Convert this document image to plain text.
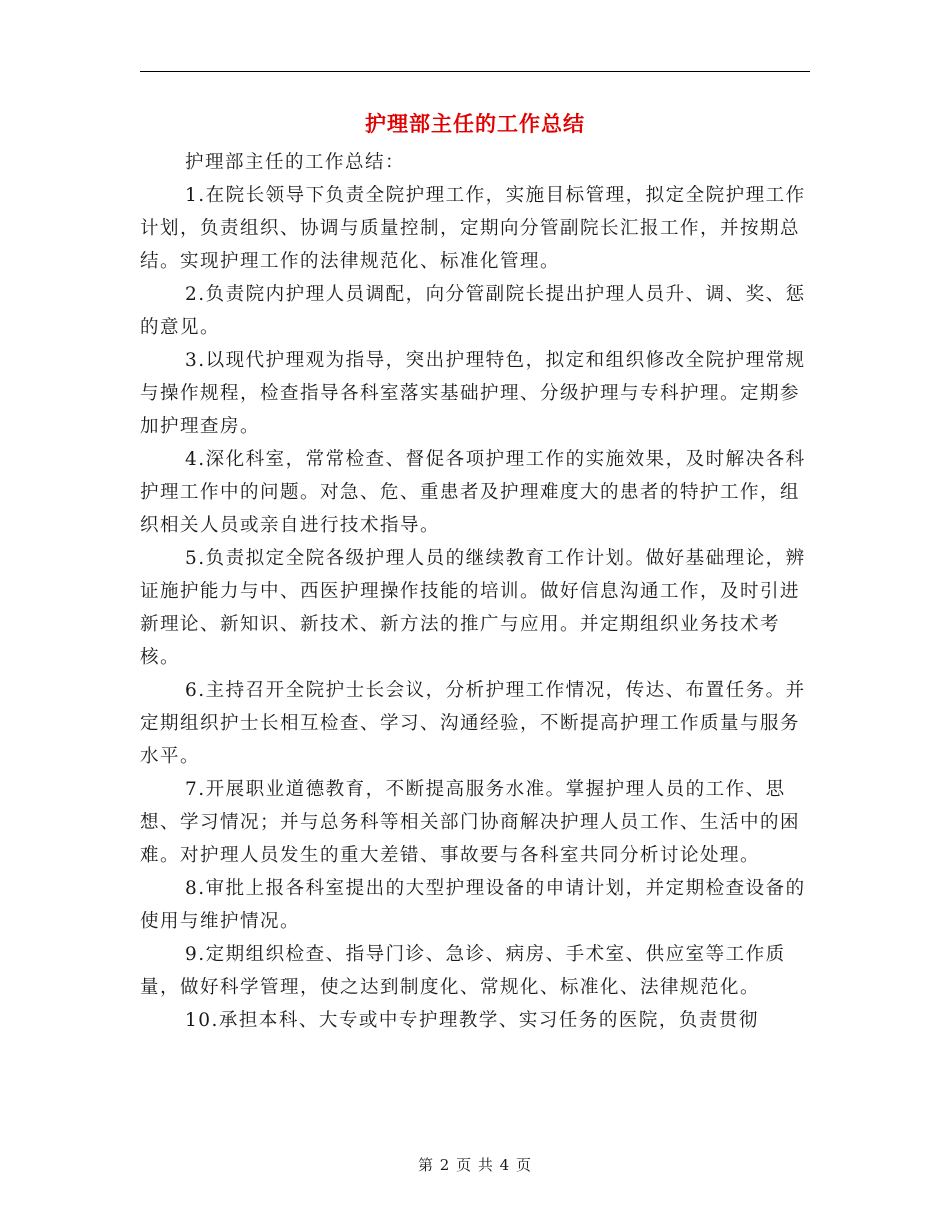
护理部主任的工作总结

护理部主任的工作总结：

1.在院长领导下负责全院护理工作，实施目标管理，拟定全院护理工作计划，负责组织、协调与质量控制，定期向分管副院长汇报工作，并按期总结。实现护理工作的法律规范化、标准化管理。

2.负责院内护理人员调配，向分管副院长提出护理人员升、调、奖、惩的意见。

3.以现代护理观为指导，突出护理特色，拟定和组织修改全院护理常规与操作规程，检查指导各科室落实基础护理、分级护理与专科护理。定期参加护理查房。

4.深化科室，常常检查、督促各项护理工作的实施效果，及时解决各科护理工作中的问题。对急、危、重患者及护理难度大的患者的特护工作，组织相关人员或亲自进行技术指导。

5.负责拟定全院各级护理人员的继续教育工作计划。做好基础理论，辨证施护能力与中、西医护理操作技能的培训。做好信息沟通工作，及时引进新理论、新知识、新技术、新方法的推广与应用。并定期组织业务技术考核。

6.主持召开全院护士长会议，分析护理工作情况，传达、布置任务。并定期组织护士长相互检查、学习、沟通经验，不断提高护理工作质量与服务水平。

7.开展职业道德教育，不断提高服务水准。掌握护理人员的工作、思想、学习情况；并与总务科等相关部门协商解决护理人员工作、生活中的困难。对护理人员发生的重大差错、事故要与各科室共同分析讨论处理。

8.审批上报各科室提出的大型护理设备的申请计划，并定期检查设备的使用与维护情况。

9.定期组织检查、指导门诊、急诊、病房、手术室、供应室等工作质量，做好科学管理，使之达到制度化、常规化、标准化、法律规范化。

10.承担本科、大专或中专护理教学、实习任务的医院，负责贯彻

第 2 页 共 4 页
